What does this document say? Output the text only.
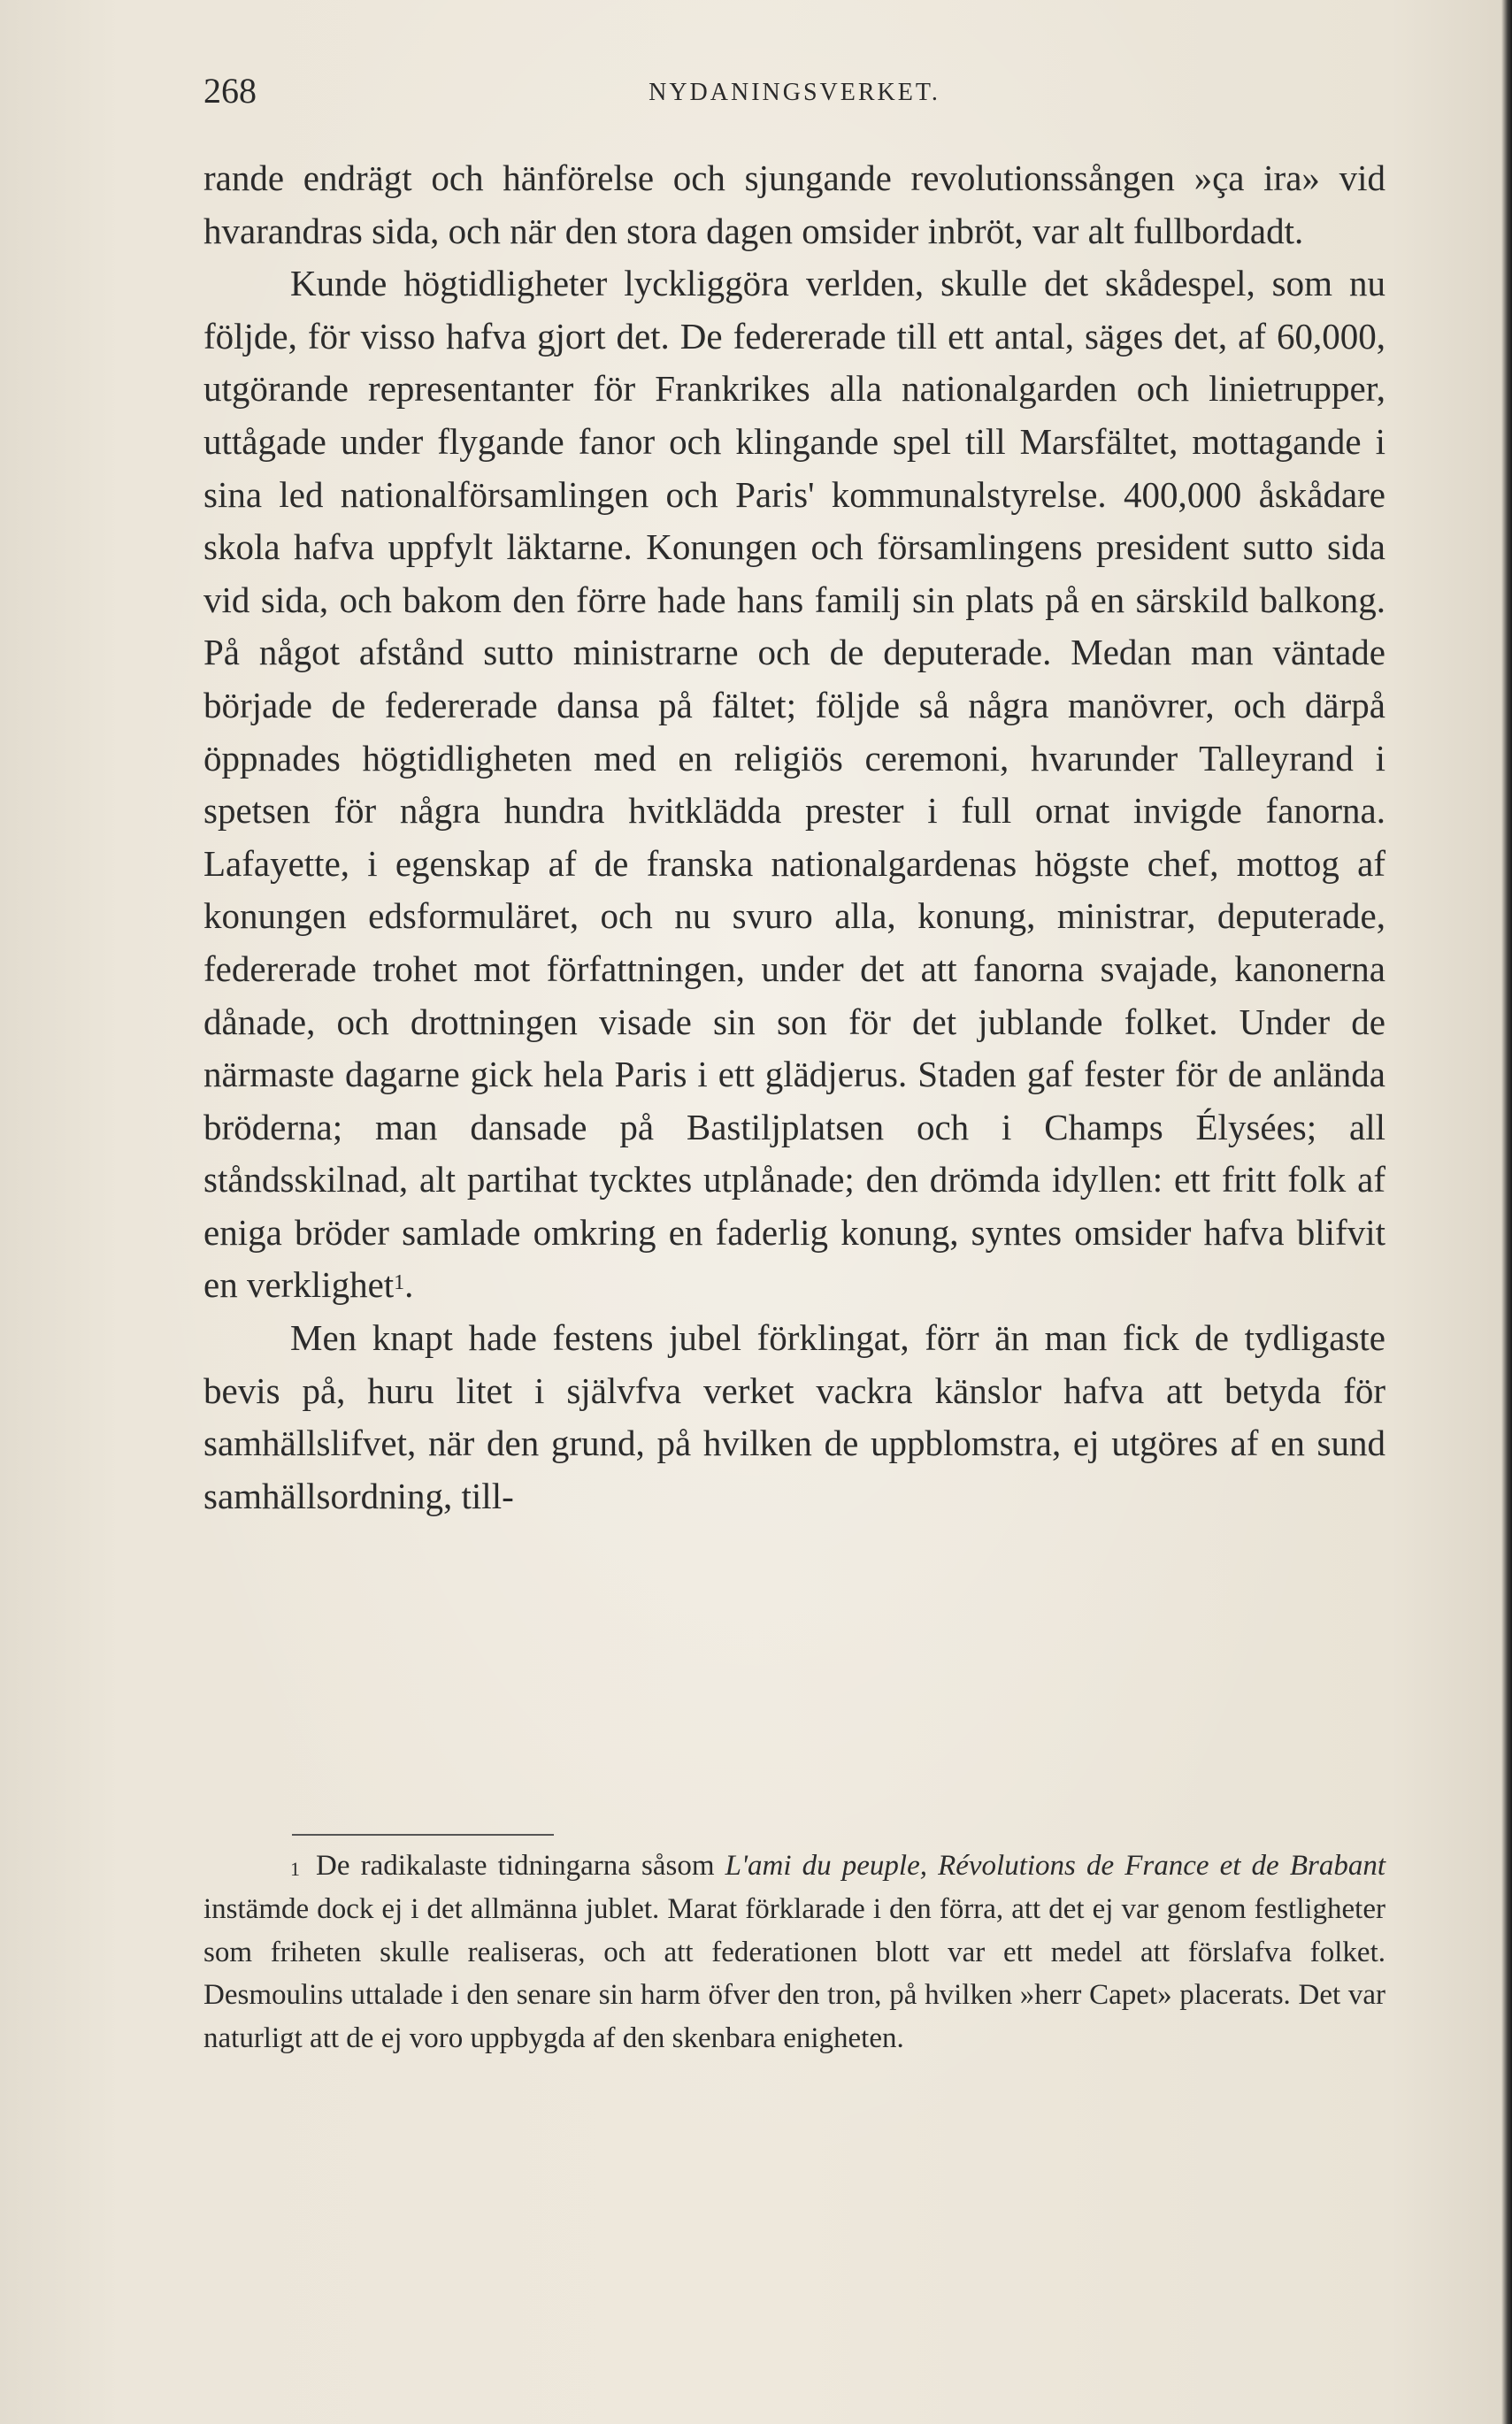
268	NYDANINGSVERKET.

rande endrägt och hänförelse och sjungande revolutionssången »ça ira» vid hvarandras sida, och när den stora dagen omsider inbröt, var alt fullbordadt.

Kunde högtidligheter lyckliggöra verlden, skulle det skådespel, som nu följde, för visso hafva gjort det. De federerade till ett antal, säges det, af 60,000, utgörande representanter för Frankrikes alla nationalgarden och linietrupper, uttågade under flygande fanor och klingande spel till Marsfältet, mottagande i sina led nationalförsamlingen och Paris' kommunalstyrelse. 400,000 åskådare skola hafva uppfylt läktarne. Konungen och församlingens president sutto sida vid sida, och bakom den förre hade hans familj sin plats på en särskild balkong. På något afstånd sutto ministrarne och de deputerade. Medan man väntade började de federerade dansa på fältet; följde så några manövrer, och därpå öppnades högtidligheten med en religiös ceremoni, hvarunder Talleyrand i spetsen för några hundra hvitklädda prester i full ornat invigde fanorna. Lafayette, i egenskap af de franska nationalgardenas högste chef, mottog af konungen edsformuläret, och nu svuro alla, konung, ministrar, deputerade, federerade trohet mot författningen, under det att fanorna svajade, kanonerna dånade, och drottningen visade sin son för det jublande folket. Under de närmaste dagarne gick hela Paris i ett glädjerus. Staden gaf fester för de anlända bröderna; man dansade på Bastiljplatsen och i Champs Élysées; all ståndsskilnad, alt partihat tycktes utplånade; den drömda idyllen: ett fritt folk af eniga bröder samlade omkring en faderlig konung, syntes omsider hafva blifvit en verklighet$^1$.

Men knapt hade festens jubel förklingat, förr än man fick de tydligaste bevis på, huru litet i självfva verket vackra känslor hafva att betyda för samhällslifvet, när den grund, på hvilken de uppblomstra, ej utgöres af en sund samhällsordning, till-

1 De radikalaste tidningarna såsom L'ami du peuple, Révolutions de France et de Brabant instämde dock ej i det allmänna jublet. Marat förklarade i den förra, att det ej var genom festligheter som friheten skulle realiseras, och att federationen blott var ett medel att förslafva folket. Desmoulins uttalade i den senare sin harm öfver den tron, på hvilken »herr Capet» placerats. Det var naturligt att de ej voro uppbygda af den skenbara enigheten.
